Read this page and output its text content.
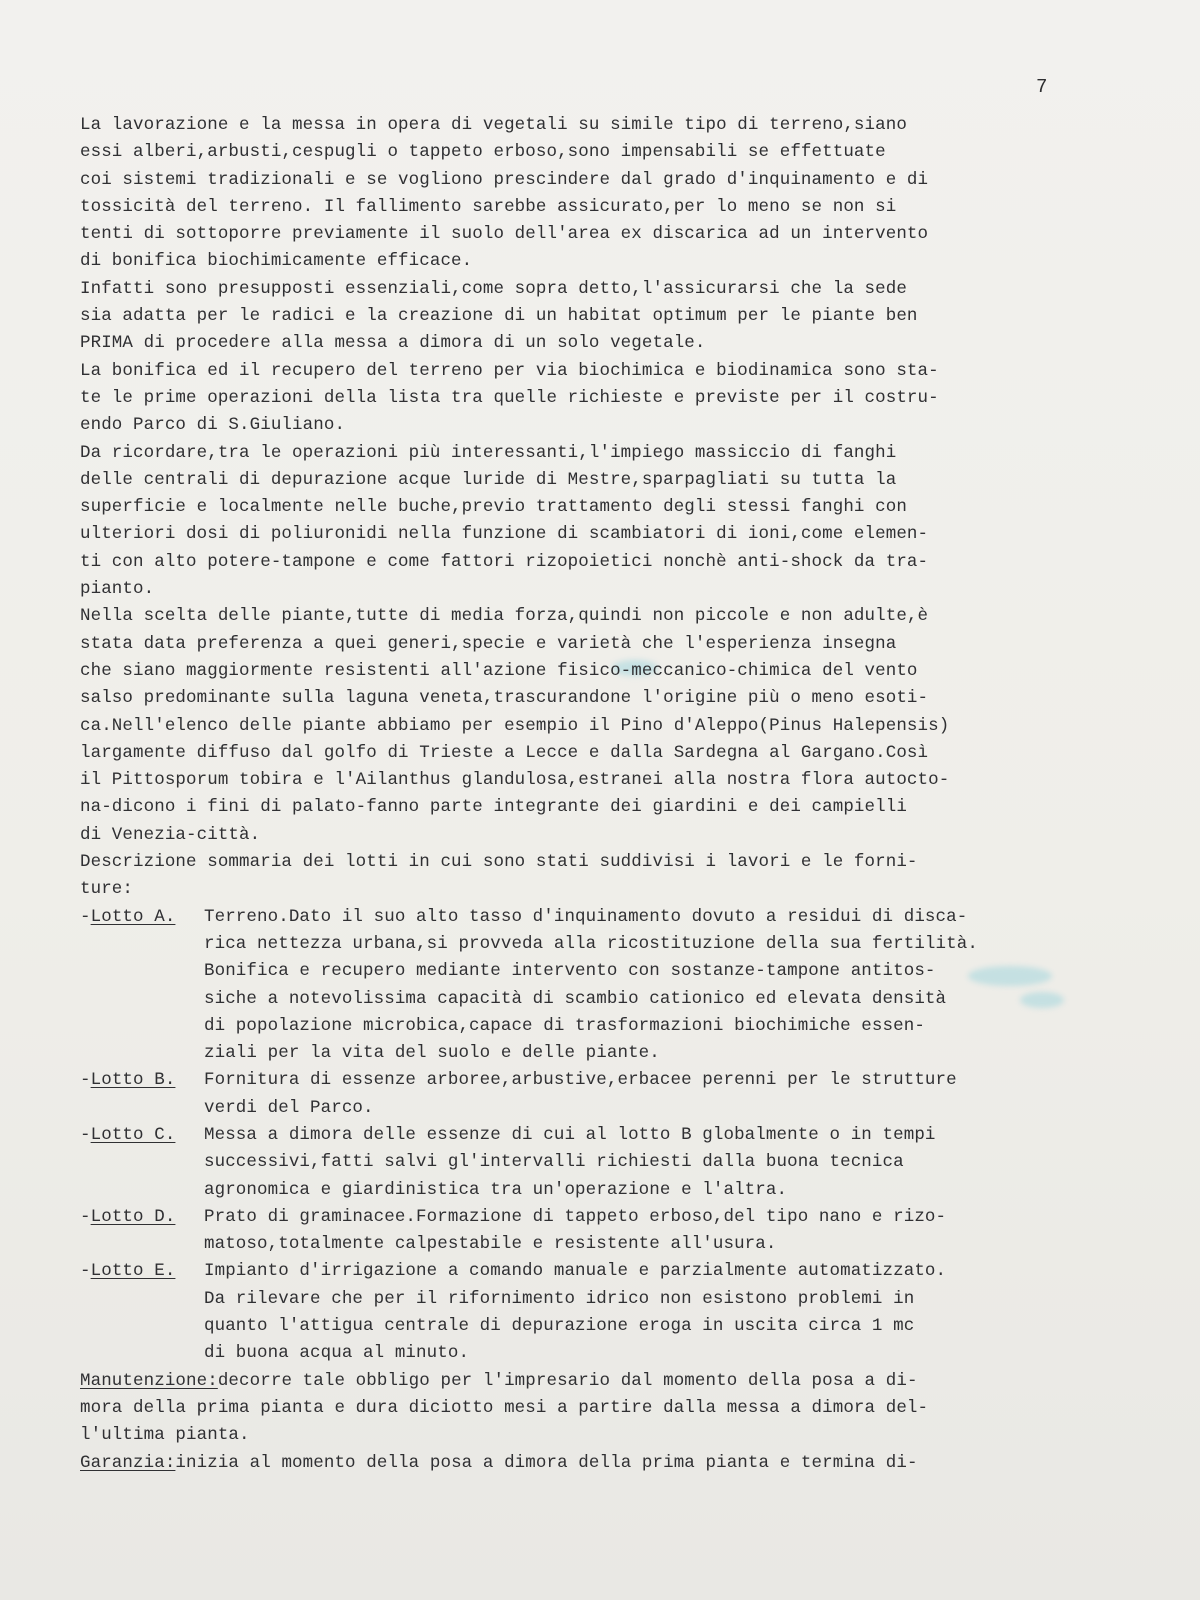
7
La lavorazione e la messa in opera di vegetali su simile tipo di terreno,siano
essi alberi,arbusti,cespugli o tappeto erboso,sono impensabili se effettuate
coi sistemi tradizionali e se vogliono prescindere dal grado d'inquinamento e di
tossicità del terreno. Il fallimento sarebbe assicurato,per lo meno se non si
tenti di sottoporre previamente il suolo dell'area ex discarica ad un intervento
di bonifica biochimicamente efficace.
Infatti sono presupposti essenziali,come sopra detto,l'assicurarsi che la sede
sia adatta per le radici e la creazione di un habitat optimum per le piante ben
PRIMA di procedere alla messa a dimora di un solo vegetale.
La bonifica ed il recupero del terreno per via biochimica e biodinamica sono sta-
te le prime operazioni della lista tra quelle richieste e previste per il costru-
endo Parco di S.Giuliano.
Da ricordare,tra le operazioni più interessanti,l'impiego massiccio di fanghi
delle centrali di depurazione acque luride di Mestre,sparpagliati su tutta la
superficie e localmente nelle buche,previo trattamento degli stessi fanghi con
ulteriori dosi di poliuronidi nella funzione di scambiatori di ioni,come elemen-
ti con alto potere-tampone e come fattori rizopoietici nonchè anti-shock da tra-
pianto.
Nella scelta delle piante,tutte di media forza,quindi non piccole e non adulte,è
stata data preferenza a quei generi,specie e varietà che l'esperienza insegna
che siano maggiormente resistenti all'azione fisico-meccanico-chimica del vento
salso predominante sulla laguna veneta,trascurandone l'origine più o meno esoti-
ca.Nell'elenco delle piante abbiamo per esempio il Pino d'Aleppo(Pinus Halepensis)
largamente diffuso dal golfo di Trieste a Lecce e dalla Sardegna al Gargano.Così
il Pittosporum tobira e l'Ailanthus glandulosa,estranei alla nostra flora autocto-
na-dicono i fini di palato-fanno parte integrante dei giardini e dei campielli
di Venezia-città.
Descrizione sommaria dei lotti in cui sono stati suddivisi i lavori e le forni-
ture:
-Lotto A. Terreno.Dato il suo alto tasso d'inquinamento dovuto a residui di disca-
rica nettezza urbana,si provveda alla ricostituzione della sua fertilità.
Bonifica e recupero mediante intervento con sostanze-tampone antitos-
siche a notevolissima capacità di scambio cationico ed elevata densità
di popolazione microbica,capace di trasformazioni biochimiche essen-
ziali per la vita del suolo e delle piante.
-Lotto B. Fornitura di essenze arboree,arbustive,erbacee perenni per le strutture
verdi del Parco.
-Lotto C. Messa a dimora delle essenze di cui al lotto B globalmente o in tempi
successivi,fatti salvi gl'intervalli richiesti dalla buona tecnica
agronomica e giardinistica tra un'operazione e l'altra.
-Lotto D. Prato di graminacee.Formazione di tappeto erboso,del tipo nano e rizo-
matoso,totalmente calpestabile e resistente all'usura.
-Lotto E. Impianto d'irrigazione a comando manuale e parzialmente automatizzato.
Da rilevare che per il rifornimento idrico non esistono problemi in
quanto l'attigua centrale di depurazione eroga in uscita circa 1 mc
di buona acqua al minuto.
Manutenzione:decorre tale obbligo per l'impresario dal momento della posa a di-
mora della prima pianta e dura diciotto mesi a partire dalla messa a dimora del-
l'ultima pianta.
Garanzia:inizia al momento della posa a dimora della prima pianta e termina di-
